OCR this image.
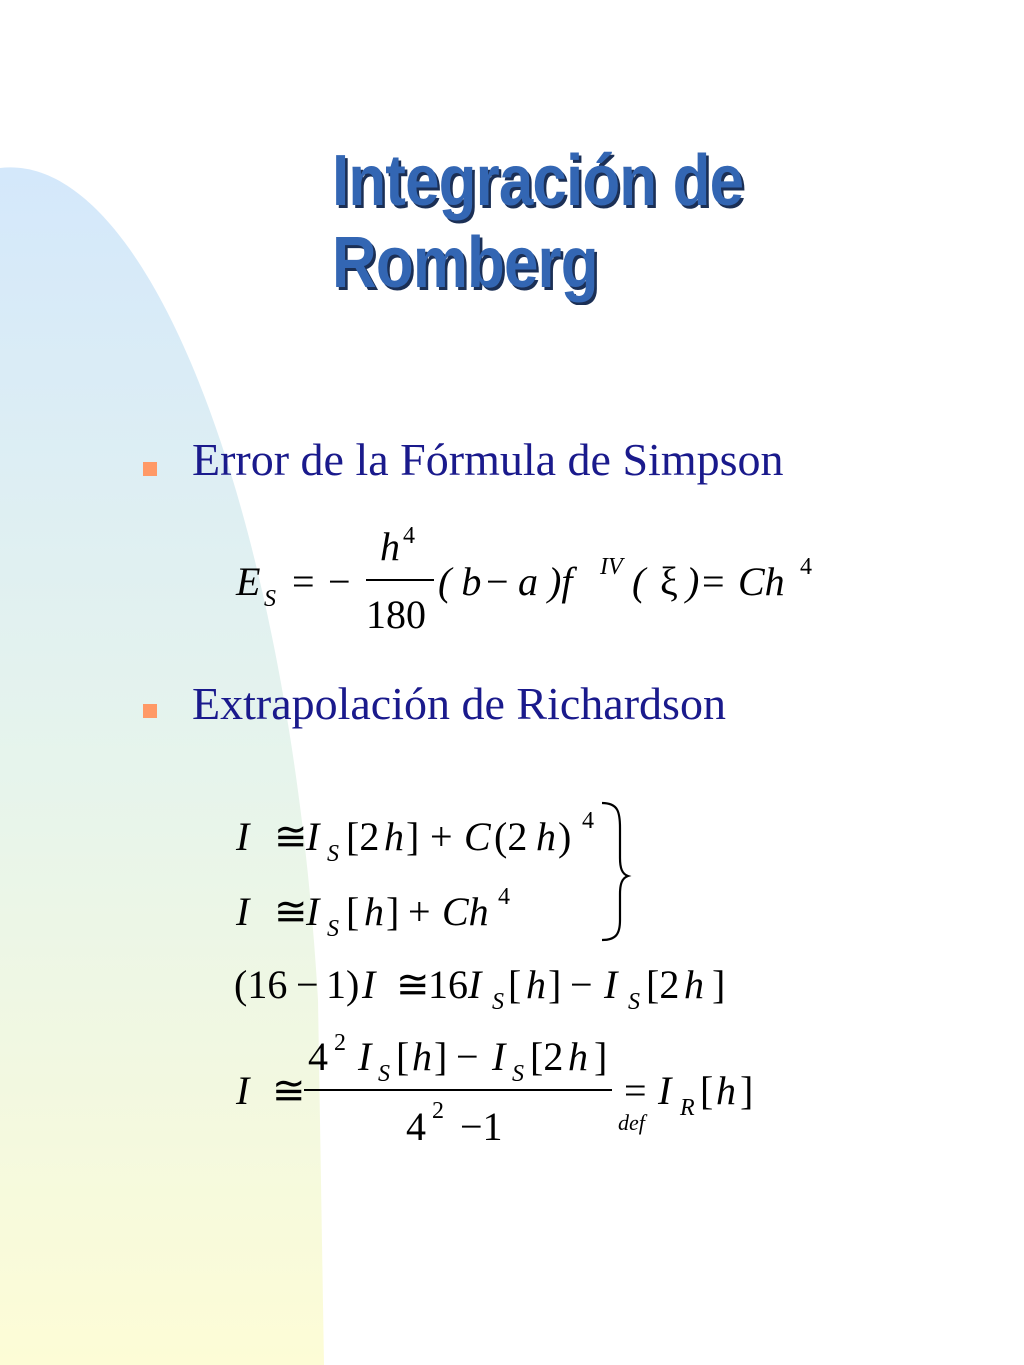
Integración de
Romberg
Error de la Fórmula de Simpson
Extrapolación de Richardson
E S = −
h 4
180
( b − a )f IV ( ξ ) = Ch 4
I ≅
I S [2 h ] + C (2 h ) 4
I ≅
I S [ h ] + Ch 4
(16 − 1) I ≅
16 I S [ h ] − I S [2 h ]
I ≅
4 2 I S [ h ] − I S [2 h ]
4 2 −1
=
def
I R [ h ]
